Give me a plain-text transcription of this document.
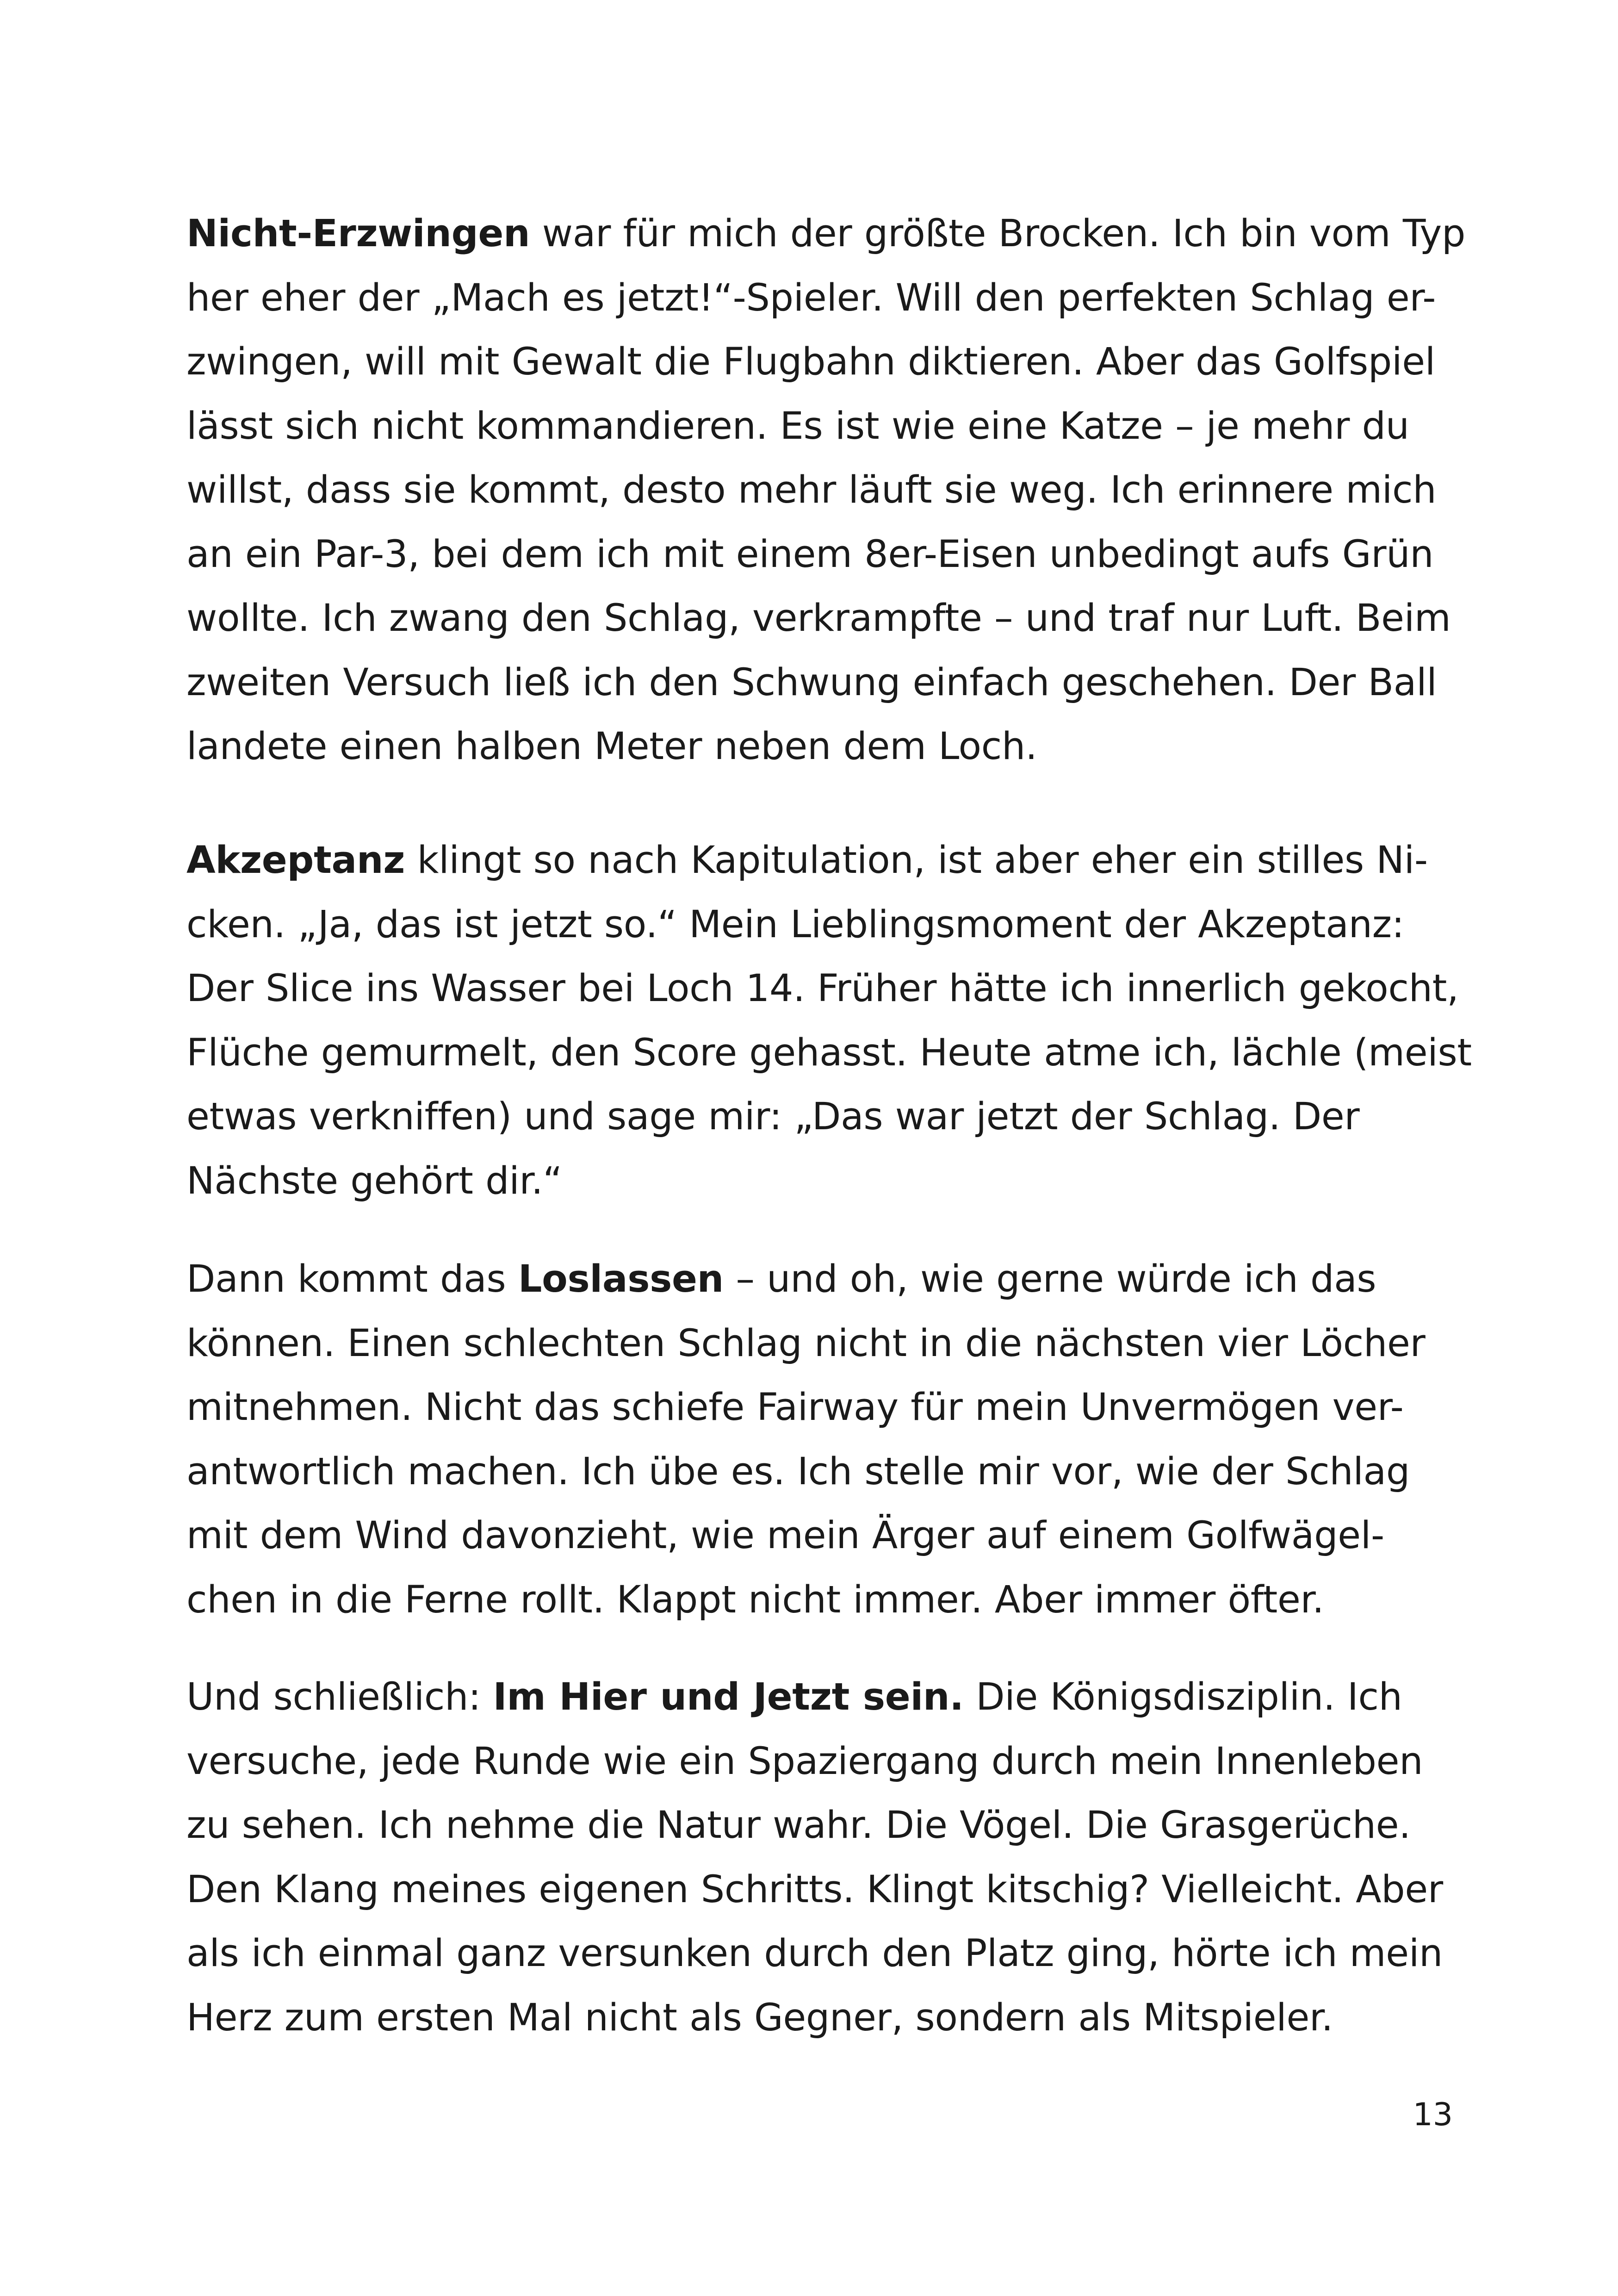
Nicht-Erzwingen war für mich der größte Brocken. Ich bin vom Typ
her eher der „Mach es jetzt!“-Spieler. Will den perfekten Schlag er-
zwingen, will mit Gewalt die Flugbahn diktieren. Aber das Golfspiel
lässt sich nicht kommandieren. Es ist wie eine Katze – je mehr du
willst, dass sie kommt, desto mehr läuft sie weg. Ich erinnere mich
an ein Par-3, bei dem ich mit einem 8er-Eisen unbedingt aufs Grün
wollte. Ich zwang den Schlag, verkrampfte – und traf nur Luft. Beim
zweiten Versuch ließ ich den Schwung einfach geschehen. Der Ball
landete einen halben Meter neben dem Loch.
Akzeptanz klingt so nach Kapitulation, ist aber eher ein stilles Ni-
cken. „Ja, das ist jetzt so.“ Mein Lieblingsmoment der Akzeptanz:
Der Slice ins Wasser bei Loch 14. Früher hätte ich innerlich gekocht,
Flüche gemurmelt, den Score gehasst. Heute atme ich, lächle (meist
etwas verkniffen) und sage mir: „Das war jetzt der Schlag. Der
Nächste gehört dir.“
Dann kommt das Loslassen – und oh, wie gerne würde ich das
können. Einen schlechten Schlag nicht in die nächsten vier Löcher
mitnehmen. Nicht das schiefe Fairway für mein Unvermögen ver-
antwortlich machen. Ich übe es. Ich stelle mir vor, wie der Schlag
mit dem Wind davonzieht, wie mein Ärger auf einem Golfwägel-
chen in die Ferne rollt. Klappt nicht immer. Aber immer öfter.
Und schließlich: Im Hier und Jetzt sein. Die Königsdisziplin. Ich
versuche, jede Runde wie ein Spaziergang durch mein Innenleben
zu sehen. Ich nehme die Natur wahr. Die Vögel. Die Grasgerüche.
Den Klang meines eigenen Schritts. Klingt kitschig? Vielleicht. Aber
als ich einmal ganz versunken durch den Platz ging, hörte ich mein
Herz zum ersten Mal nicht als Gegner, sondern als Mitspieler.
13
